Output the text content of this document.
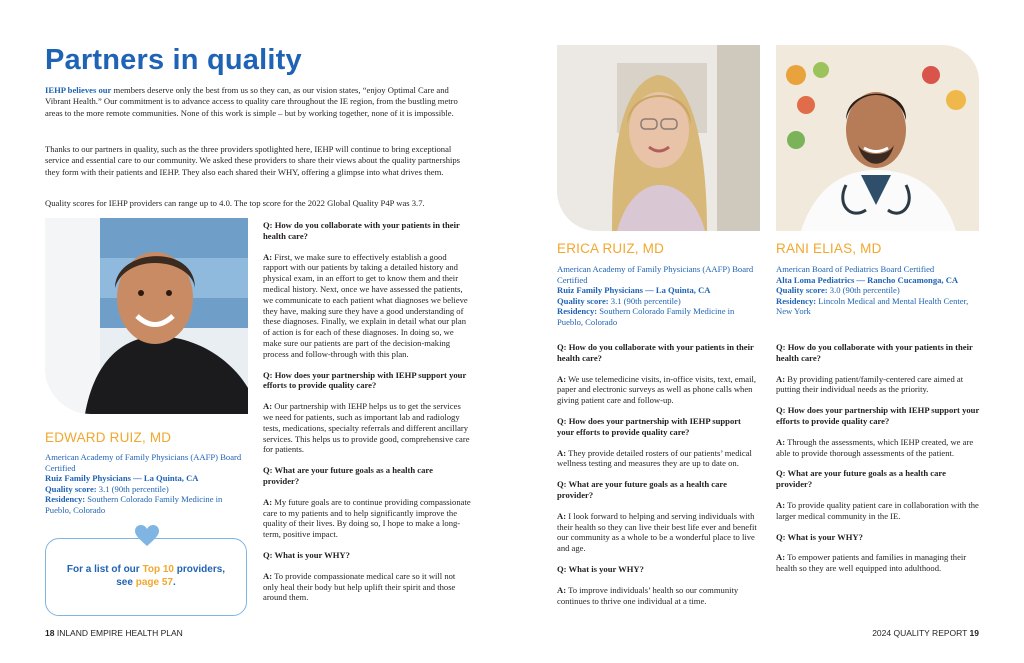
Partners in quality
IEHP believes our members deserve only the best from us so they can, as our vision states, “enjoy Optimal Care and Vibrant Health.” Our commitment is to advance access to quality care throughout the IE region, from the bustling metro areas to the more remote communities. None of this work is simple – but by working together, none of it is impossible.
Thanks to our partners in quality, such as the three providers spotlighted here, IEHP will continue to bring exceptional service and essential care to our community. We asked these providers to share their views about the quality partnerships they form with their patients and IEHP. They also each shared their WHY, offering a glimpse into what drives them.
Quality scores for IEHP providers can range up to 4.0. The top score for the 2022 Global Quality P4P was 3.7.
EDWARD RUIZ, MD
American Academy of Family Physicians (AAFP) Board Certified
Ruiz Family Physicians — La Quinta, CA
Quality score: 3.1 (90th percentile)
Residency: Southern Colorado Family Medicine in Pueblo, Colorado
For a list of our Top 10 providers,
see page 57.
Q: How do you collaborate with your patients in their health care?
A: First, we make sure to effectively establish a good rapport with our patients by taking a detailed history and physical exam, in an effort to get to know them and their medical history. Next, once we have assessed the patients, we communicate to each patient what diagnoses we believe they have, making sure they have a good understanding of these diagnoses. Finally, we explain in detail what our plan of action is for each of these diagnoses. In doing so, we make sure our patients are part of the decision-making process and follow-through with this plan.
Q: How does your partnership with IEHP support your efforts to provide quality care?
A: Our partnership with IEHP helps us to get the services we need for patients, such as important lab and radiology tests, medications, specialty referrals and different ancillary services. This helps us to provide good, comprehensive care for patients.
Q: What are your future goals as a health care provider?
A: My future goals are to continue providing compassionate care to my patients and to help significantly improve the quality of their lives. By doing so, I hope to make a long-term, positive impact.
Q: What is your WHY?
A: To provide compassionate medical care so it will not only heal their body but help uplift their spirit and those around them.
18 INLAND EMPIRE HEALTH PLAN
ERICA RUIZ, MD
American Academy of Family Physicians (AAFP) Board Certified
Ruiz Family Physicians — La Quinta, CA
Quality score: 3.1 (90th percentile)
Residency: Southern Colorado Family Medicine in Pueblo, Colorado
Q: How do you collaborate with your patients in their health care?
A: We use telemedicine visits, in-office visits, text, email, paper and electronic surveys as well as phone calls when giving patient care and follow-up.
Q: How does your partnership with IEHP support your efforts to provide quality care?
A: They provide detailed rosters of our patients’ medical wellness testing and measures they are up to date on.
Q: What are your future goals as a health care provider?
A: I look forward to helping and serving individuals with their health so they can live their best life ever and benefit our community as a whole to be a wonderful place to live and age.
Q: What is your WHY?
A: To improve individuals’ health so our community continues to thrive one individual at a time.
RANI ELIAS, MD
American Board of Pediatrics Board Certified
Alta Loma Pediatrics — Rancho Cucamonga, CA
Quality score: 3.0 (90th percentile)
Residency: Lincoln Medical and Mental Health Center, New York
Q: How do you collaborate with your patients in their health care?
A: By providing patient/family-centered care aimed at putting their individual needs as the priority.
Q: How does your partnership with IEHP support your efforts to provide quality care?
A: Through the assessments, which IEHP created, we are able to provide thorough assessments of the patient.
Q: What are your future goals as a health care provider?
A: To provide quality patient care in collaboration with the larger medical community in the IE.
Q: What is your WHY?
A: To empower patients and families in managing their health so they are well equipped into adulthood.
2024 QUALITY REPORT 19
